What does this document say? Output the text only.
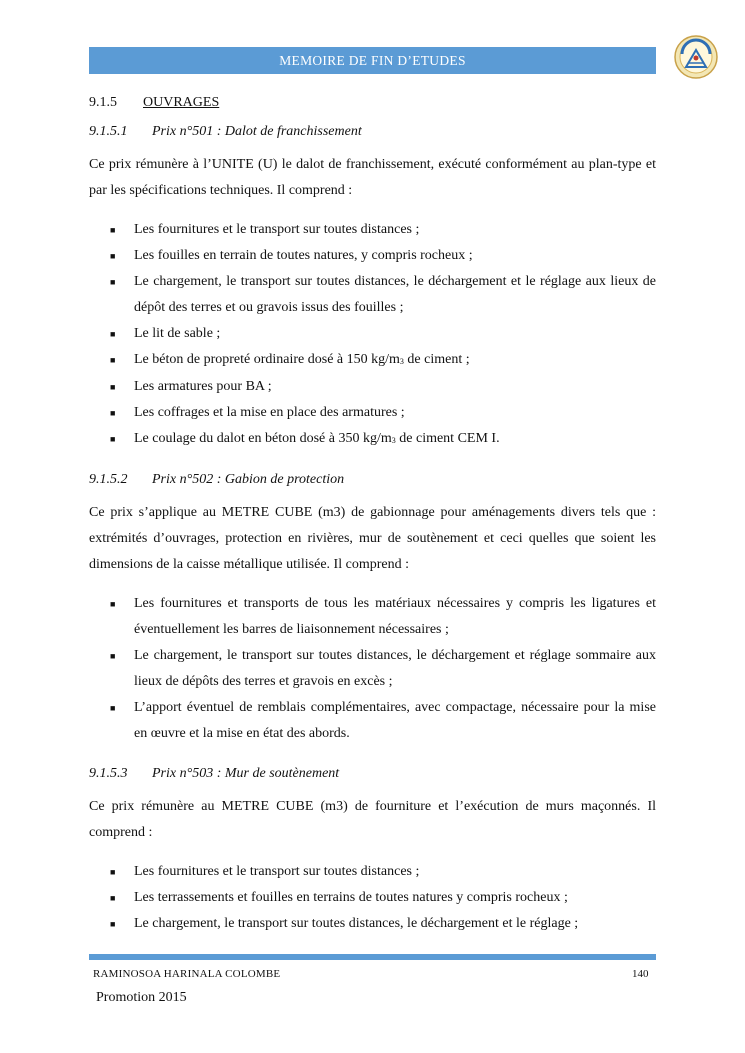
MEMOIRE DE FIN D’ETUDES
9.1.5 OUVRAGES
9.1.5.1 Prix n°501 : Dalot de franchissement

Ce prix rémunère à l’UNITE (U) le dalot de franchissement, exécuté conformément au plan-type et par les spécifications techniques. Il comprend :

■ Les fournitures et le transport sur toutes distances ;
■ Les fouilles en terrain de toutes natures, y compris rocheux ;
■ Le chargement, le transport sur toutes distances, le déchargement et le réglage aux lieux de dépôt des terres et ou gravois issus des fouilles ;
■ Le lit de sable ;
■ Le béton de propreté ordinaire dosé à 150 $kg/m_3$ de ciment ;
■ Les armatures pour BA ;
■ Les coffrages et la mise en place des armatures ;
■ Le coulage du dalot en béton dosé à 350 $kg/m_3$ de ciment CEM I.
9.1.5.2 Prix n°502 : Gabion de protection

Ce prix s’applique au METRE CUBE (m3) de gabionnage pour aménagements divers tels que : extrémités d’ouvrages, protection en rivières, mur de soutènement et ceci quelles que soient les dimensions de la caisse métallique utilisée. Il comprend :

■ Les fournitures et transports de tous les matériaux nécessaires y compris les ligatures et éventuellement les barres de liaisonnement nécessaires ;
■ Le chargement, le transport sur toutes distances, le déchargement et réglage sommaire aux lieux de dépôts des terres et gravois en excès ;
■ L’apport éventuel de remblais complémentaires, avec compactage, nécessaire pour la mise en œuvre et la mise en état des abords.
9.1.5.3 Prix n°503 : Mur de soutènement

Ce prix rémunère au METRE CUBE (m3) de fourniture et l’exécution de murs maçonnés. Il comprend :

■ Les fournitures et le transport sur toutes distances ;
■ Les terrassements et fouilles en terrains de toutes natures y compris rocheux ;
■ Le chargement, le transport sur toutes distances, le déchargement et le réglage ;
RAMINOSOA HARINALA COLOMBE	140
Promotion 2015
